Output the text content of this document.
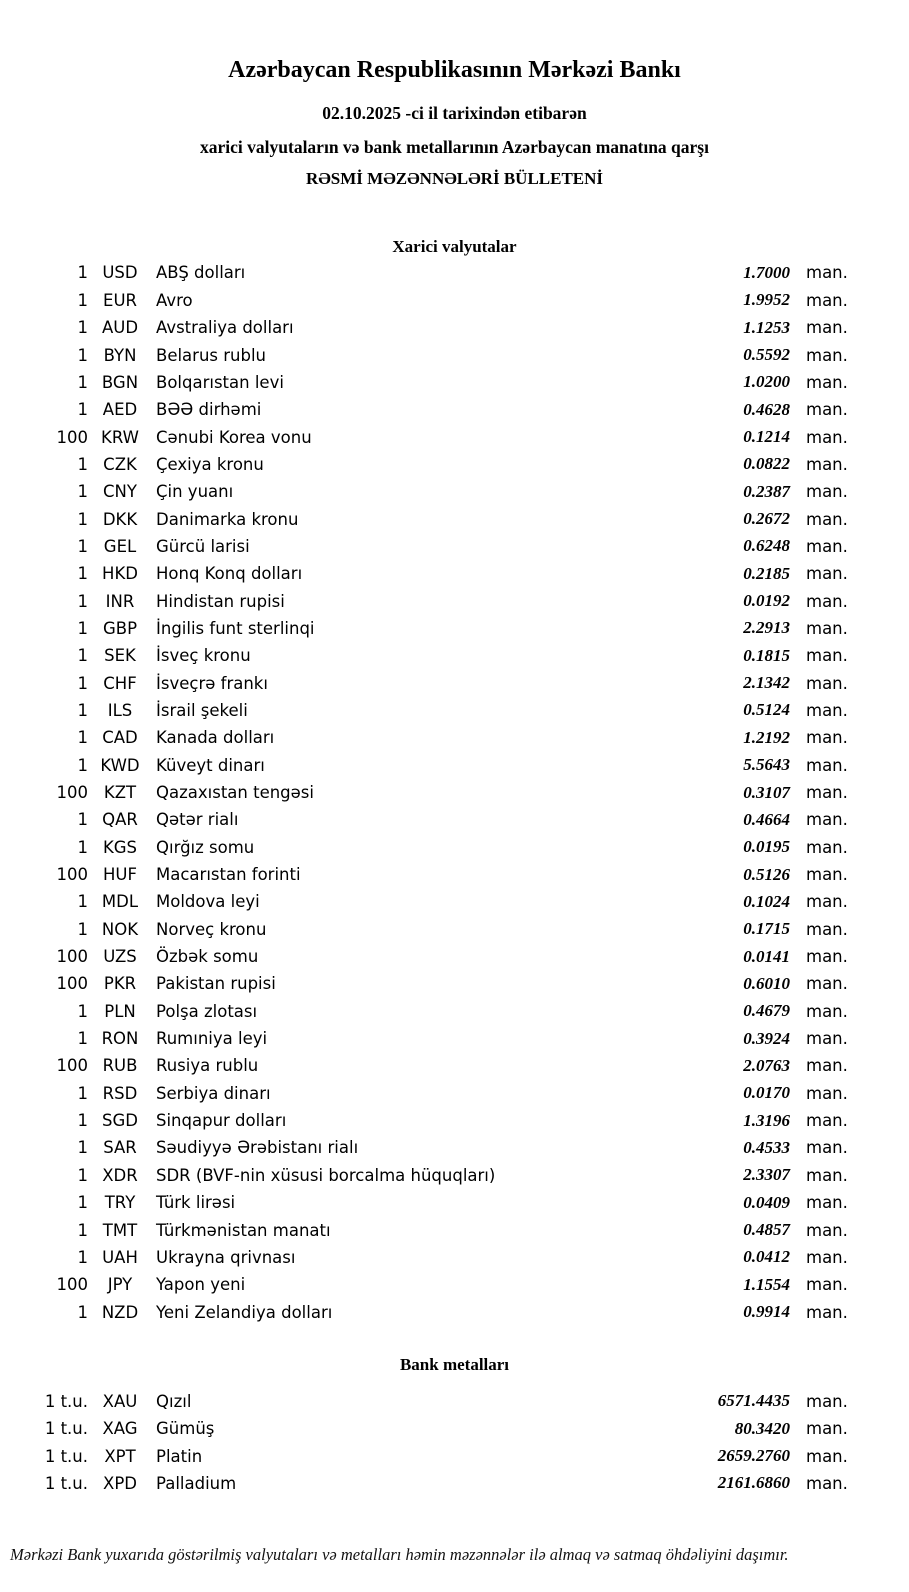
Azərbaycan Respublikasının Mərkəzi Bankı
02.10.2025 -ci il tarixindən etibarən
xarici valyutaların və bank metallarının Azərbaycan manatına qarşı
RƏSMİ MƏZƏNNƏLƏRİ BÜLLETENİ
Xarici valyutalar
1 USD	ABŞ dolları	1.7000 man.
1 EUR	Avro	1.9952 man.
1 AUD	Avstraliya dolları	1.1253 man.
1 BYN	Belarus rublu	0.5592 man.
1 BGN	Bolqarıstan levi	1.0200 man.
1 AED	BƏƏ dirhəmi	0.4628 man.
100 KRW	Cənubi Korea vonu	0.1214 man.
1 CZK	Çexiya kronu	0.0822 man.
1 CNY	Çin yuanı	0.2387 man.
1 DKK	Danimarka kronu	0.2672 man.
1 GEL	Gürcü larisi	0.6248 man.
1 HKD	Honq Konq dolları	0.2185 man.
1	INR	Hindistan rupisi	0.0192 man.
1 GBP	İngilis funt sterlinqi	2.2913 man.
1 SEK	İsveç kronu	0.1815 man.
1 CHF	İsveçrə frankı	2.1342 man.
1	ILS	İsrail şekeli	0.5124 man.
1 CAD	Kanada dolları	1.2192 man.
1 KWD Küveyt dinarı	5.5643 man.
100 KZT	Qazaxıstan tengəsi	0.3107 man.
1 QAR	Qətər rialı	0.4664 man.
1 KGS	Qırğız somu	0.0195 man.
100 HUF	Macarıstan forinti	0.5126 man.
1 MDL	Moldova leyi	0.1024 man.
1 NOK	Norveç kronu	0.1715 man.
100 UZS	Özbək somu	0.0141 man.
100 PKR	Pakistan rupisi	0.6010 man.
1 PLN	Polşa zlotası	0.4679 man.
1 RON	Rumıniya leyi	0.3924 man.
100 RUB	Rusiya rublu	2.0763 man.
1 RSD	Serbiya dinarı	0.0170 man.
1 SGD	Sinqapur dolları	1.3196 man.
1 SAR	Səudiyyə Ərəbistanı rialı	0.4533 man.
1 XDR	SDR (BVF-nin xüsusi borcalma hüquqları)	2.3307 man.
1	TRY	Türk lirəsi	0.0409 man.
1 TMT	Türkmənistan manatı	0.4857 man.
1 UAH	Ukrayna qrivnası	0.0412 man.
100	JPY	Yapon yeni	1.1554 man.
1 NZD	Yeni Zelandiya dolları	0.9914 man.
Bank metalları
1 t.u. XAU	Qızıl	6571.4435 man.
1 t.u. XAG	Gümüş	80.3420 man.
1 t.u. XPT	Platin	2659.2760 man.
1 t.u. XPD	Palladium	2161.6860 man.
Mərkəzi Bank yuxarıda göstərilmiş valyutaları və metalları həmin məzənnələr ilə almaq və satmaq öhdəliyini daşımır.
